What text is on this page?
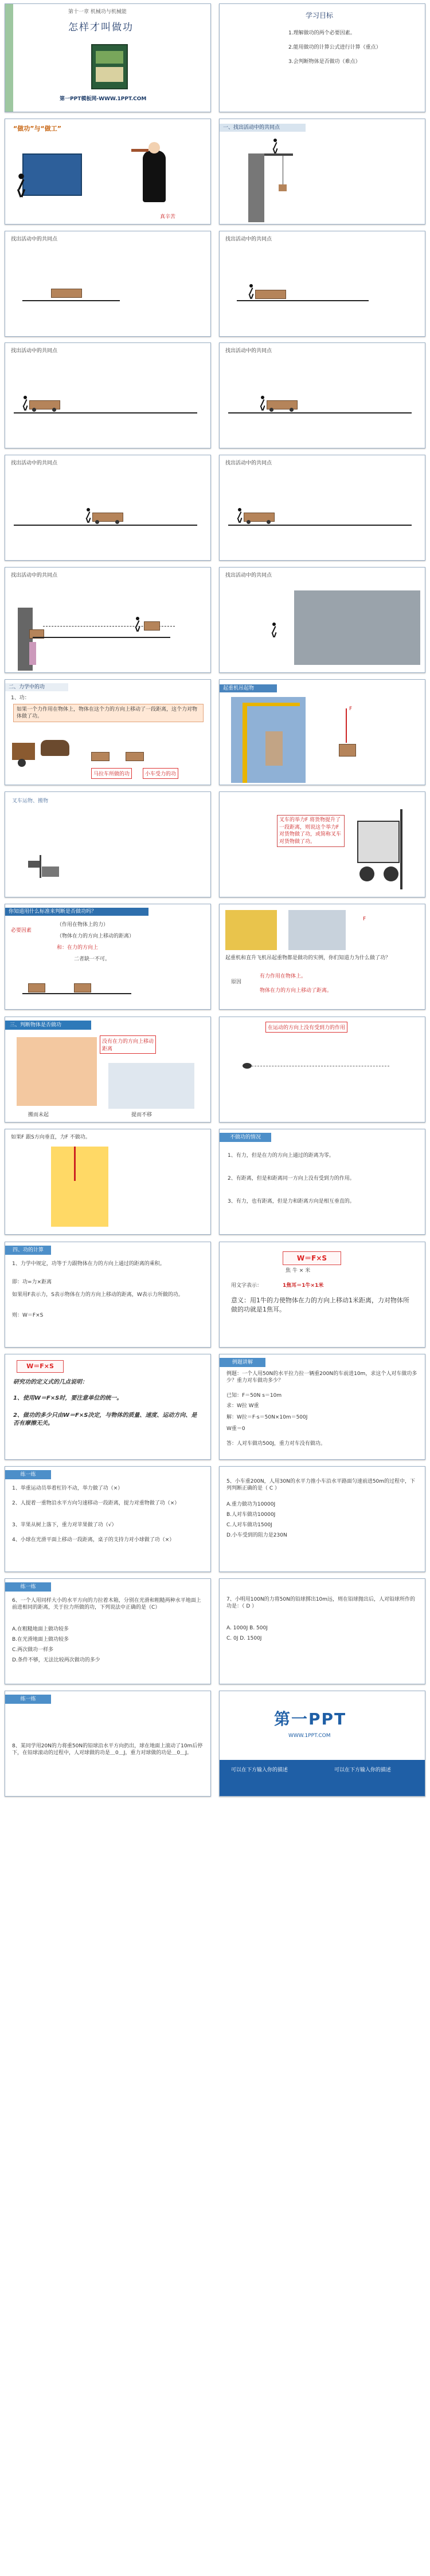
第十一章 机械功与机械能
怎样才叫做功
第一PPT模板网-WWW.1PPT.COM
学习目标
1.理解做功的两个必要因素。
2.能用做功的计算公式进行计算（重点）
3.会判断物体是否做功（难点）
“做功”与“做工”
真辛苦
一、找出活动中的共同点
找出活动中的共同点	找出活动中的共同点
找出活动中的共同点	找出活动中的共同点
找出活动中的共同点	找出活动中的共同点
找出活动中的共同点	找出活动中的共同点
二、力学中的功
1、功：
如果一个力作用在物体上，物体在这个力的方向上移动了一段距离，这个力对物体做了功。
马拉车所做的功	小车受力的功
起重机吊起物
F
叉车运物、搬物
叉车的举力F 将货物提升了一段距离，则说这个举力F对货物做了功，或简称叉车对货物做了功。
你知道用什么标准来判断是否做功吗？
必要因素
（作用在物体上的力）
（物体在力的方向上移动的距离）
和：在力的方向上
二者缺一不可。
F
起重机和直升飞机吊起重物都是做功的实例，你们知道力为什么做了功？
原因
有力作用在物体上。
物体在力的方向上移动了距离。
三、判断物体是否做功
没有在力的方向上移动距离
搬而未起	提而不移
在运动的方向上没有受到力的作用
如果F 跟S方向垂直，力F 不做功。	不做功的情况
1、有力，但是在力的方向上通过的距离为零。
2、有距离，但是和距离同一方向上没有受到力的作用。
3、有力，也有距离，但是力和距离方向是相互垂直的。
四、功的计算
1、力学中规定，功等于力跟物体在力的方向上通过的距离的乘积。
即：功=力×距离
如果用F表示力，S表示物体在力的方向上移动的距离，W表示力所做的功。
则：W＝F×S
W＝F×S
焦 牛 × 米
用文字表示：	1焦耳＝1牛×1米
意义：用1牛的力使物体在力的方向上移动1米距离，力对物体所做的功就是1焦耳。
W＝F×S
研究功的定义式的几点说明：
1、使用W＝F×S时，要注意单位的统一。
2、做功的多少只由W＝F×S决定，与物体的质量、速度、运动方向、是否有摩擦无关。
例题讲解
例题：一个人用50N的水平拉力拉一辆重200N的车前进10m，求这个人对车做功多少？重力对车做功多少？
已知：F＝50N s＝10m
求：W拉 W重
解：W拉＝F·s＝50N×10m＝500J
W重＝0
答：人对车做功500J，重力对车没有做功。
练一练
1、举重运动员举着杠铃不动，举力做了功（×）
2、人提着一重物沿水平方向匀速移动一段距离，提力对重物做了功（×）
3、苹果从树上落下，重力对苹果做了功（√）
4、小球在光滑平面上移动一段距离，桌子的支持力对小球做了功（×）
5、小车重200N，人用30N的水平力推小车沿水平路面匀速前进50m的过程中，下列判断正确的是（ C ）
A.重力做功为10000J
B.人对车做功10000J
C.人对车做功1500J
D.小车受到的阻力是230N
练一练
6、一个人用同样大小的水平方向的力拉着木箱，分别在光滑和粗糙两种水平地面上前进相同的距离，关于拉力所做的功，下列说法中正确的是（C）
A.在粗糙地面上做功较多
B.在光滑地面上做功较多
C.两次做功一样多
D.条件不够，无法比较两次做功的多少
7、小明用100N的力将50N的铅球掷出10m远，则在铅球抛出后，人对铅球所作的功是：（ D ）
A. 1000J B. 500J
C. 0J D. 1500J
练一练
8、某同学用20N的力将重50N的铅球沿水平方向扔出，球在地面上滚动了10m后停下，在铅球滚动的过程中，人对球做的功是＿0＿J，重力对球做的功是＿0＿J。
第一PPT
WWW.1PPT.COM
可以在下方输入你的描述	可以在下方输入你的描述
